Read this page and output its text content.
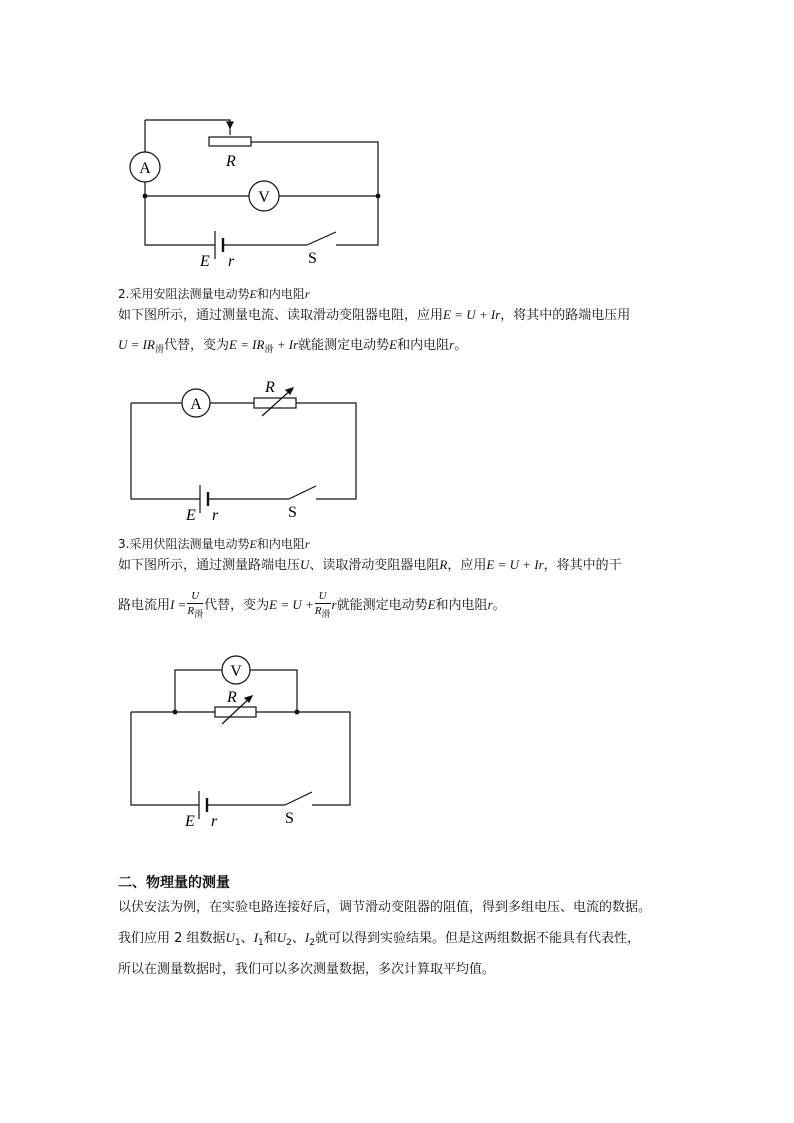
A
V
R
E r	S
2.采用安阻法测量电动势E和内电阻r
如下图所示，通过测量电流、读取滑动变阻器电阻，应用E = U + Ir，将其中的路端电压用
$U = IR_滑$代替，变为$E = IR_滑 + Ir$就能测定电动势E和内电阻r。
A
R
E r	S
3.采用伏阻法测量电动势E和内电阻r
如下图所示，通过测量路端电压U、读取滑动变阻器电阻R，应用E = U + Ir，将其中的干
路电流用$I = \frac{U}{R_滑}$ 代替，变为$E = U + \frac{U}{R_滑}$ r就能测定电动势E和内电阻r。
V
R
E r	S
二、物理量的测量
以伏安法为例，在实验电路连接好后，调节滑动变阻器的阻值，得到多组电压、电流的数据。
我们应用 2 组数据$U_1$、$I_1$和$U_2$、$I_2$就可以得到实验结果。但是这两组数据不能具有代表性，
所以在测量数据时，我们可以多次测量数据，多次计算取平均值。
